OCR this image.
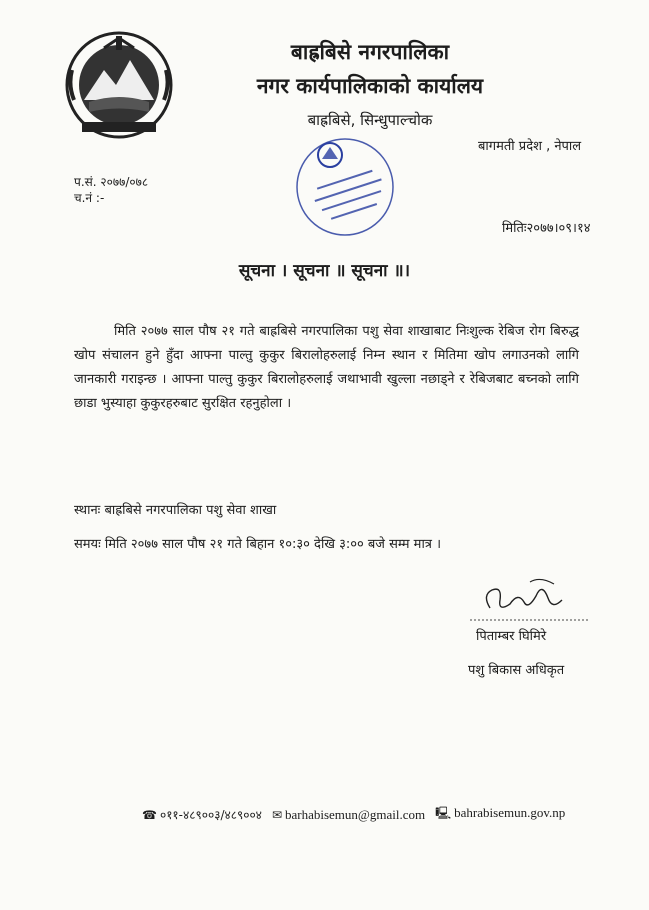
बाह्रबिसे नगरपालिका
नगर कार्यपालिकाको कार्यालय
बाह्रबिसे, सिन्धुपाल्चोक
बागमती प्रदेश , नेपाल
प.सं. २०७७/०७८
च.नं :-
मितिः२०७७।०९।१४
सूचना । सूचना ॥ सूचना ॥।
मिति २०७७ साल पौष २१ गते बाह्रबिसे नगरपालिका पशु सेवा शाखाबाट निःशुल्क रेबिज रोग बिरुद्ध खोप संचालन हुने हुँदा आफ्ना पाल्तु कुकुर बिरालोहरुलाई निम्न स्थान र मितिमा खोप लगाउनको लागि जानकारी गराइन्छ । आफ्ना पाल्तु कुकुर बिरालोहरुलाई जथाभावी खुल्ला नछाड्ने र रेबिजबाट बच्नको लागि छाडा भुस्याहा कुकुरहरुबाट सुरक्षित रहनुहोला ।
स्थानः बाह्रबिसे नगरपालिका पशु सेवा शाखा
समयः मिति २०७७ साल पौष २१ गते बिहान १०:३० देखि ३:०० बजे सम्म मात्र ।
पिताम्बर घिमिरे
पशु बिकास अधिकृत
☎ ०११-४८९००३/४८९००४ ✉ barhabisemun@gmail.com 🖳 bahrabisemun.gov.np
